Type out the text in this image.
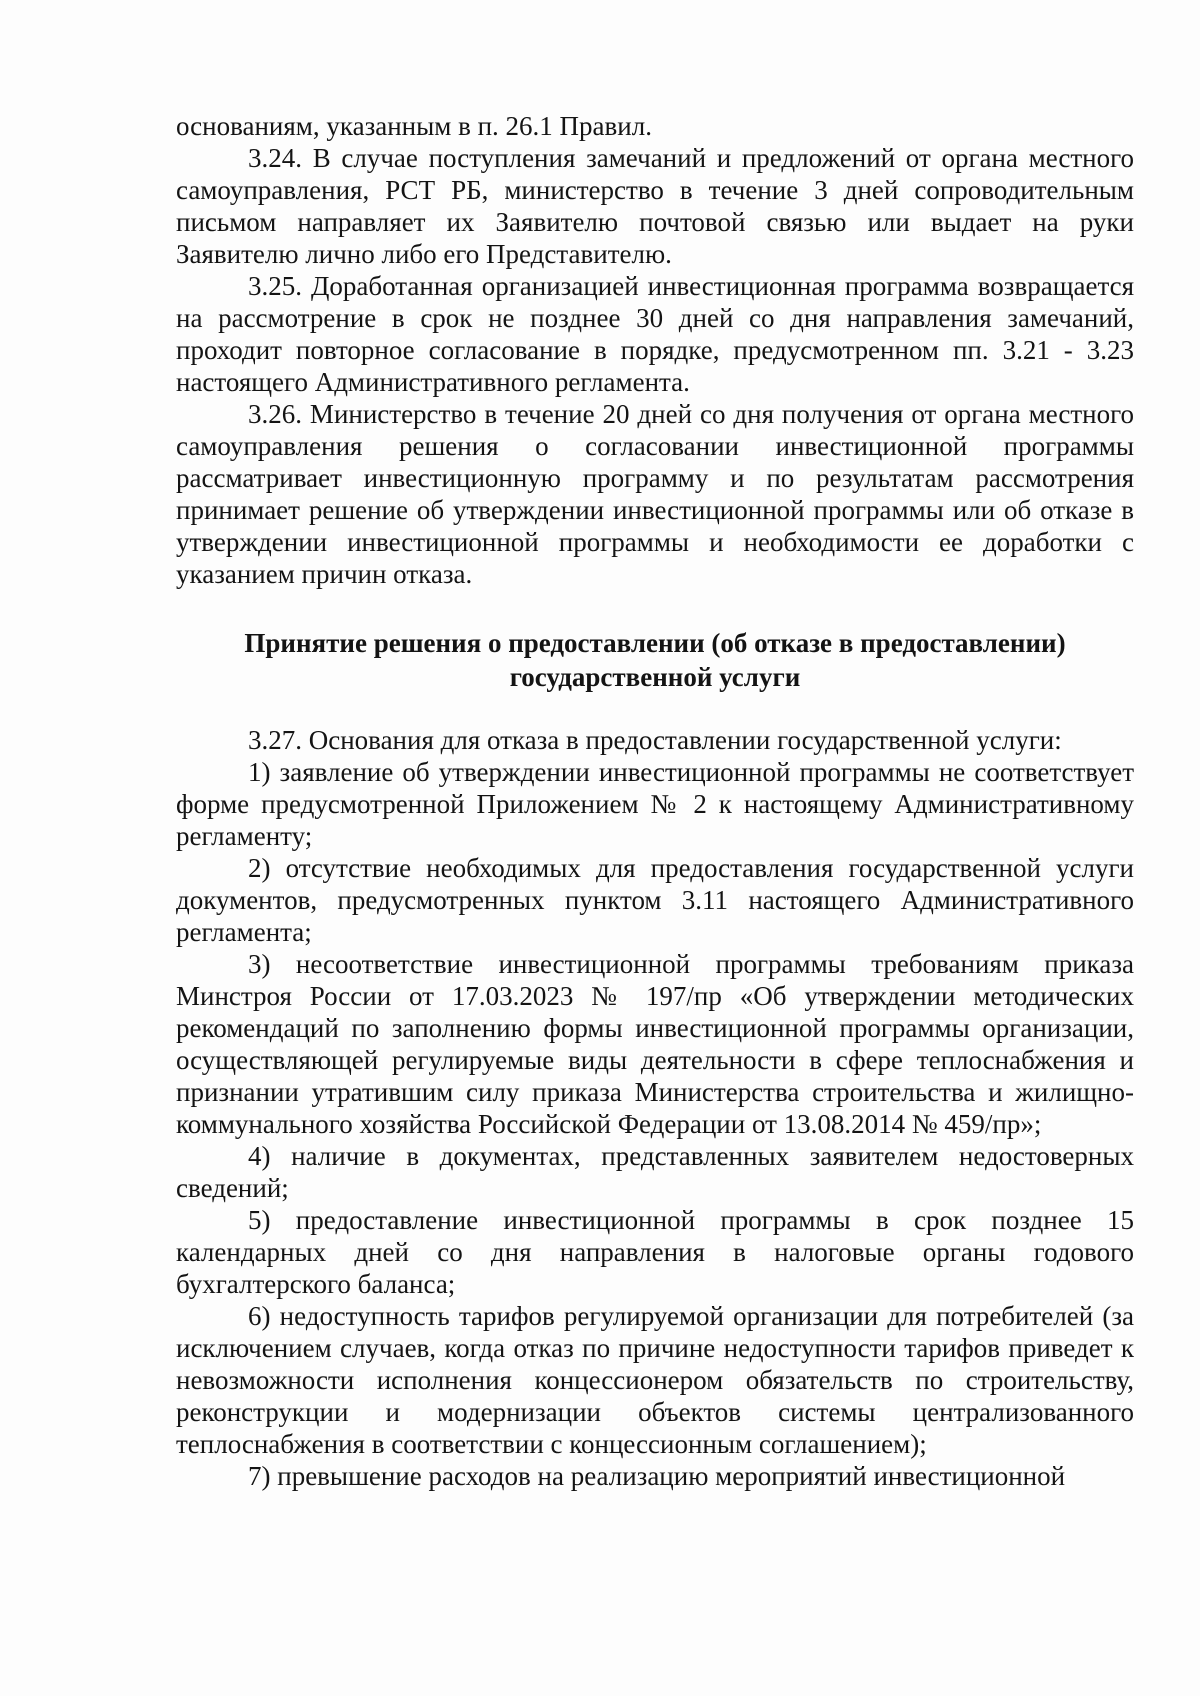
основаниям, указанным в п. 26.1 Правил.

3.24. В случае поступления замечаний и предложений от органа местного самоуправления, РСТ РБ, министерство в течение 3 дней сопроводительным письмом направляет их Заявителю почтовой связью или выдает на руки Заявителю лично либо его Представителю.

3.25. Доработанная организацией инвестиционная программа возвращается на рассмотрение в срок не позднее 30 дней со дня направления замечаний, проходит повторное согласование в порядке, предусмотренном пп. 3.21 - 3.23 настоящего Административного регламента.

3.26. Министерство в течение 20 дней со дня получения от органа местного самоуправления решения о согласовании инвестиционной программы рассматривает инвестиционную программу и по результатам рассмотрения принимает решение об утверждении инвестиционной программы или об отказе в утверждении инвестиционной программы и необходимости ее доработки с указанием причин отказа.

Принятие решения о предоставлении (об отказе в предоставлении)
государственной услуги

3.27. Основания для отказа в предоставлении государственной услуги:

1) заявление об утверждении инвестиционной программы не соответствует форме предусмотренной Приложением № 2 к настоящему Административному регламенту;

2) отсутствие необходимых для предоставления государственной услуги документов, предусмотренных пунктом 3.11 настоящего Административного регламента;

3) несоответствие инвестиционной программы требованиям приказа Минстроя России от 17.03.2023 № 197/пр «Об утверждении методических рекомендаций по заполнению формы инвестиционной программы организации, осуществляющей регулируемые виды деятельности в сфере теплоснабжения и признании утратившим силу приказа Министерства строительства и жилищно-коммунального хозяйства Российской Федерации от 13.08.2014 № 459/пр»;

4) наличие в документах, представленных заявителем недостоверных сведений;

5) предоставление инвестиционной программы в срок позднее 15 календарных дней со дня направления в налоговые органы годового бухгалтерского баланса;

6) недоступность тарифов регулируемой организации для потребителей (за исключением случаев, когда отказ по причине недоступности тарифов приведет к невозможности исполнения концессионером обязательств по строительству, реконструкции и модернизации объектов системы централизованного теплоснабжения в соответствии с концессионным соглашением);

7) превышение расходов на реализацию мероприятий инвестиционной
